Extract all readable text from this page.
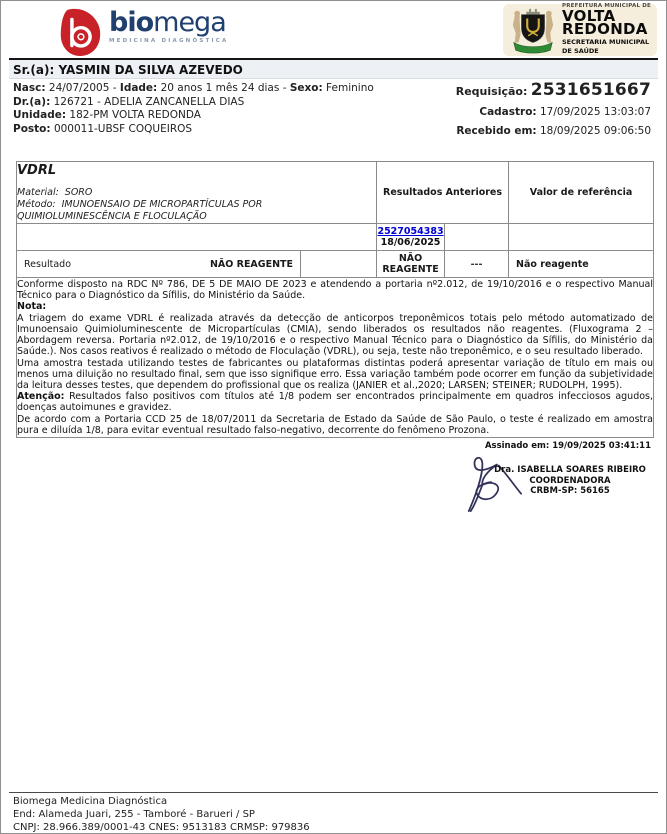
biomega
MEDICINA DIAGNÓSTICA
PREFEITURA MUNICIPAL DE
VOLTA
REDONDA
SECRETARIA MUNICIPAL
DE SAÚDE
Sr.(a): YASMIN DA SILVA AZEVEDO
Nasc: 24/07/2005 - Idade: 20 anos 1 mês 24 dias - Sexo: Feminino
Dr.(a): 126721 - ADELIA ZANCANELLA DIAS
Unidade: 182-PM VOLTA REDONDA
Posto: 000011-UBSF COQUEIROS
Requisição: 2531651667
Cadastro: 17/09/2025 13:03:07
Recebido em: 18/09/2025 09:06:50
VDRL
Material: SORO
Método: IMUNOENSAIO DE MICROPARTÍCULAS POR QUIMIOLUMINESCÊNCIA E FLOCULAÇÃO		Resultados Anteriores		Valor de referência
		2527054383
18/06/2025		

Resultado NÃO REAGENTE		NÃO REAGENTE	---	Não reagente

Conforme disposto na RDC Nº 786, DE 5 DE MAIO DE 2023 e atendendo a portaria nº2.012, de 19/10/2016 e o respectivo Manual Técnico para o Diagnóstico da Sífilis, do Ministério da Saúde.

Nota:

A triagem do exame VDRL é realizada através da detecção de anticorpos treponêmicos totais pelo método automatizado de Imunoensaio Quimioluminescente de Micropartículas (CMIA), sendo liberados os resultados não reagentes. (Fluxograma 2 – Abordagem reversa. Portaria nº2.012, de 19/10/2016 e o respectivo Manual Técnico para o Diagnóstico da Sífilis, do Ministério da Saúde.). Nos casos reativos é realizado o método de Floculação (VDRL), ou seja, teste não treponêmico, e o seu resultado liberado.

Uma amostra testada utilizando testes de fabricantes ou plataformas distintas poderá apresentar variação de título em mais ou menos uma diluição no resultado final, sem que isso signifique erro. Essa variação também pode ocorrer em função da subjetividade da leitura desses testes, que dependem do profissional que os realiza (JANIER et al.,2020; LARSEN; STEINER; RUDOLPH, 1995).

Atenção: Resultados falso positivos com títulos até 1/8 podem ser encontrados principalmente em quadros infecciosos agudos, doenças autoimunes e gravidez.

De acordo com a Portaria CCD 25 de 18/07/2011 da Secretaria de Estado da Saúde de São Paulo, o teste é realizado em amostra pura e diluída 1/8, para evitar eventual resultado falso-negativo, decorrente do fenômeno Prozona.

Assinado em: 19/09/2025 03:41:11
Dra. ISABELLA SOARES RIBEIRO
COORDENADORA
CRBM-SP: 56165
Biomega Medicina Diagnóstica
End: Alameda Juari, 255 - Tamboré - Barueri / SP
CNPJ: 28.966.389/0001-43 CNES: 9513183 CRMSP: 979836
